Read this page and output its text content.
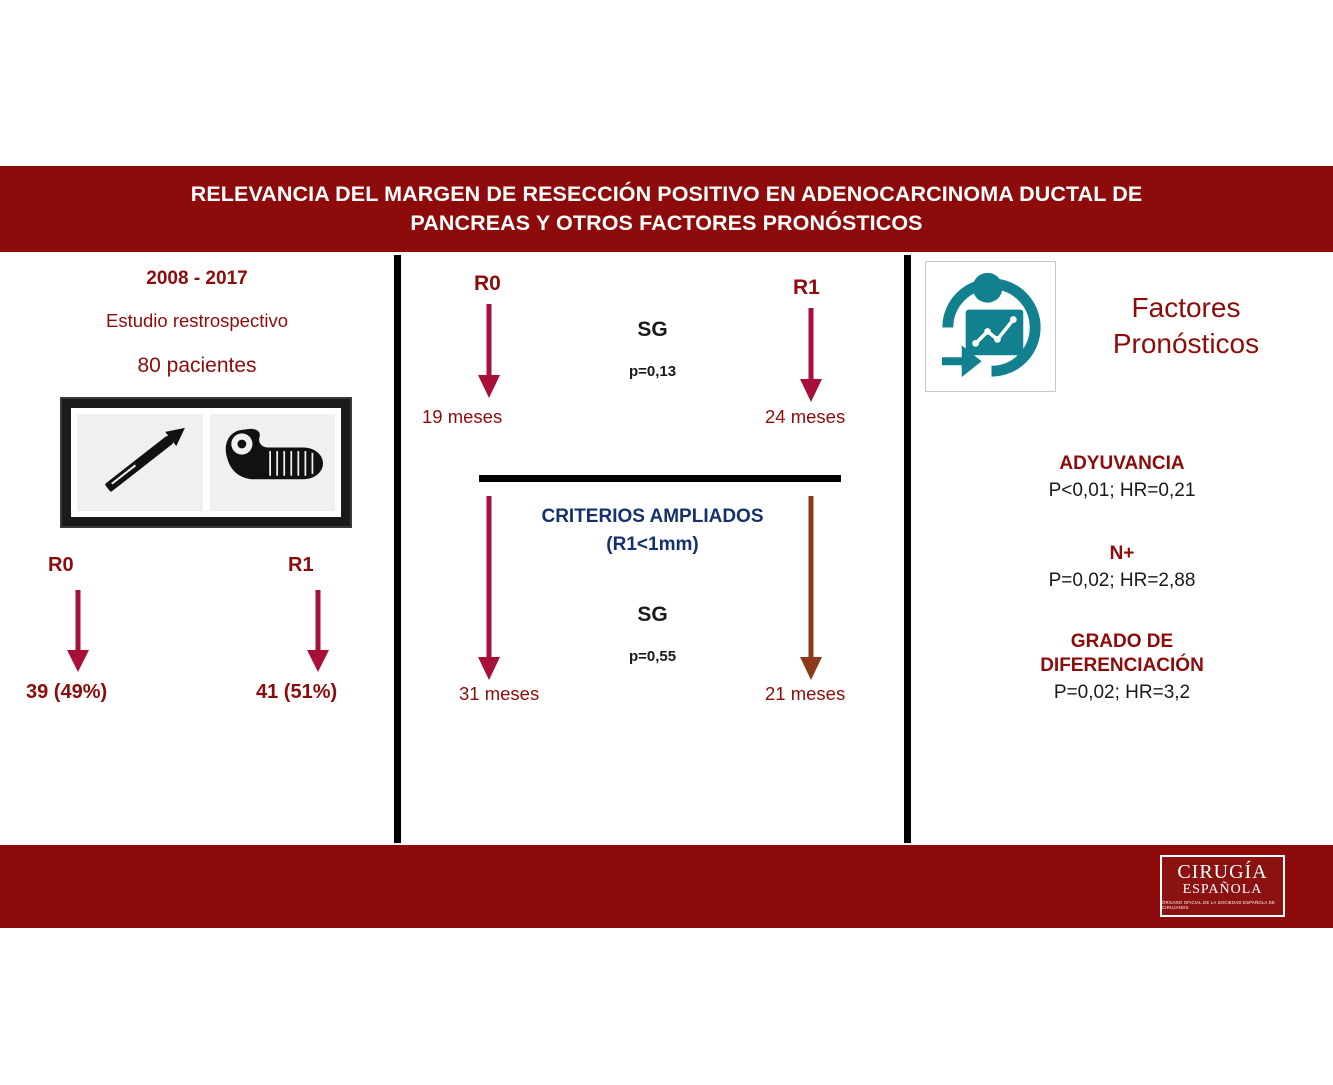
RELEVANCIA DEL MARGEN DE RESECCIÓN POSITIVO EN ADENOCARCINOMA DUCTAL DE
PANCREAS Y OTROS FACTORES PRONÓSTICOS
2008 - 2017
Estudio restrospectivo
80 pacientes
R0	R1
39 (49%)	41 (51%)
R0	R1
SG
p=0,13
19 meses	24 meses
CRITERIOS AMPLIADOS
(R1<1mm)
SG
p=0,55
31 meses	21 meses
Factores
Pronósticos
ADYUVANCIA
P<0,01; HR=0,21
N+
P=0,02; HR=2,88
GRADO DE
DIFERENCIACIÓN
P=0,02; HR=3,2
CIRUGÍA
ESPAÑOLA
ÓRGANO OFICIAL DE LA SOCIEDAD ESPAÑOLA DE CIRUJANOS
